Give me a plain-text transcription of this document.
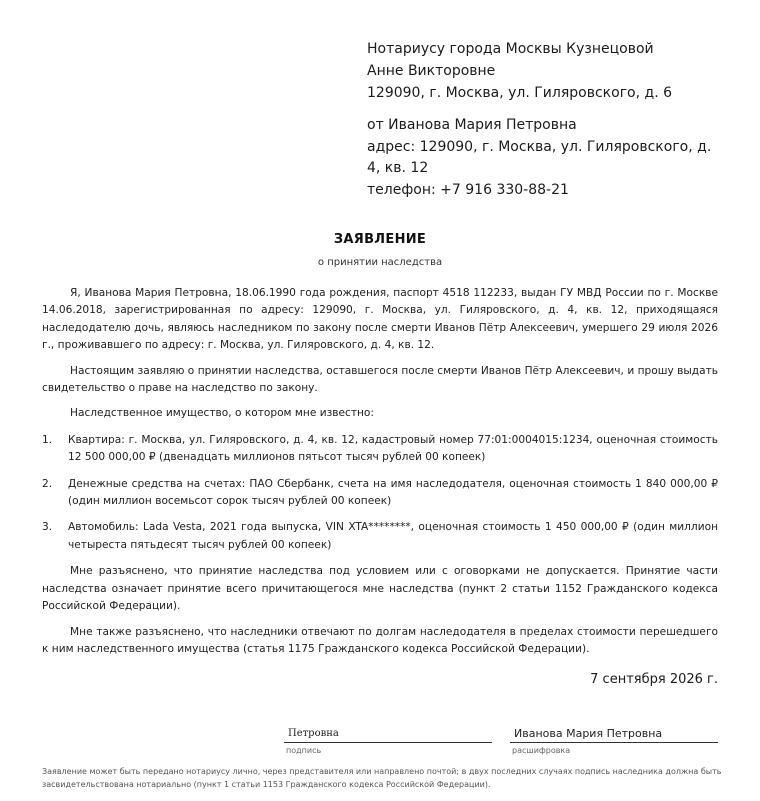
Нотариусу города Москвы Кузнецовой
Анне Викторовне
129090, г. Москва, ул. Гиляровского, д. 6
от Иванова Мария Петровна
адрес: 129090, г. Москва, ул. Гиляровского, д. 4, кв. 12
телефон: +7 916 330-88-21
ЗАЯВЛЕНИЕ
о принятии наследства

Я, Иванова Мария Петровна, 18.06.1990 года рождения, паспорт 4518 112233, выдан ГУ МВД России по г. Москве 14.06.2018, зарегистрированная по адресу: 129090, г. Москва, ул. Гиляровского, д. 4, кв. 12, приходящаяся наследодателю дочь, являюсь наследником по закону после смерти Иванов Пётр Алексеевич, умершего 29 июля 2026 г., проживавшего по адресу: г. Москва, ул. Гиляровского, д. 4, кв. 12.

Настоящим заявляю о принятии наследства, оставшегося после смерти Иванов Пётр Алексеевич, и прошу выдать свидетельство о праве на наследство по закону.

Наследственное имущество, о котором мне известно:

1. Квартира: г. Москва, ул. Гиляровского, д. 4, кв. 12, кадастровый номер 77:01:0004015:1234, оценочная стоимость 12 500 000,00 ₽ (двенадцать миллионов пятьсот тысяч рублей 00 копеек)
2. Денежные средства на счетах: ПАО Сбербанк, счета на имя наследодателя, оценочная стоимость 1 840 000,00 ₽ (один миллион восемьсот сорок тысяч рублей 00 копеек)
3. Автомобиль: Lada Vesta, 2021 года выпуска, VIN XTA********, оценочная стоимость 1 450 000,00 ₽ (один миллион четыреста пятьдесят тысяч рублей 00 копеек)

Мне разъяснено, что принятие наследства под условием или с оговорками не допускается. Принятие части наследства означает принятие всего причитающегося мне наследства (пункт 2 статьи 1152 Гражданского кодекса Российской Федерации).

Мне также разъяснено, что наследники отвечают по долгам наследодателя в пределах стоимости перешедшего к ним наследственного имущества (статья 1175 Гражданского кодекса Российской Федерации).

7 сентября 2026 г.
Петровна
подпись
Иванова Мария Петровна
расшифровка
Заявление может быть передано нотариусу лично, через представителя или направлено почтой; в двух последних случаях подпись наследника должна быть засвидетельствована нотариально (пункт 1 статьи 1153 Гражданского кодекса Российской Федерации).
